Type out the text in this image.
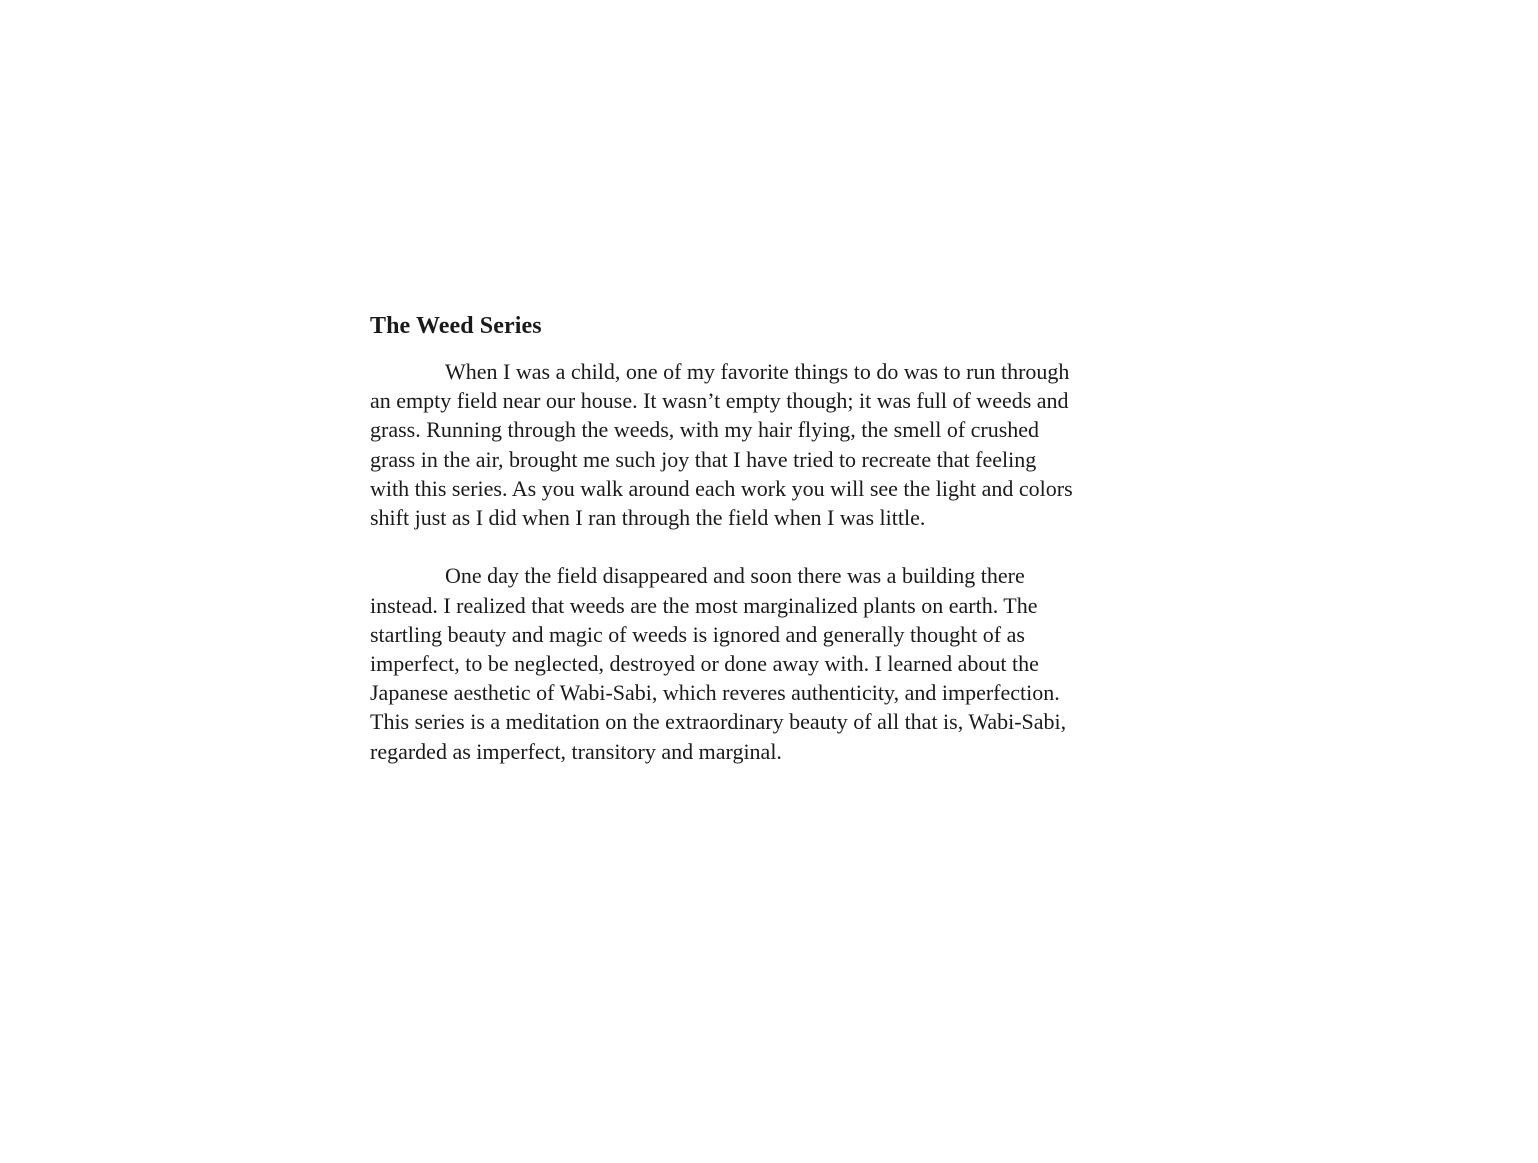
The Weed Series

When I was a child, one of my favorite things to do was to run through
an empty field near our house. It wasn’t empty though; it was full of weeds and
grass. Running through the weeds, with my hair flying, the smell of crushed
grass in the air, brought me such joy that I have tried to recreate that feeling
with this series. As you walk around each work you will see the light and colors
shift just as I did when I ran through the field when I was little.

One day the field disappeared and soon there was a building there
instead. I realized that weeds are the most marginalized plants on earth. The
startling beauty and magic of weeds is ignored and generally thought of as
imperfect, to be neglected, destroyed or done away with. I learned about the
Japanese aesthetic of Wabi-Sabi, which reveres authenticity, and imperfection.
This series is a meditation on the extraordinary beauty of all that is, Wabi-Sabi,
regarded as imperfect, transitory and marginal.
